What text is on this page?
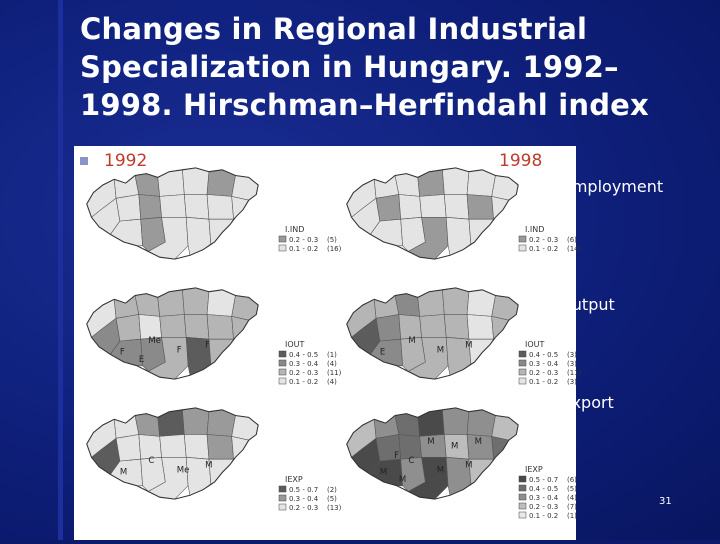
Changes in Regional Industrial Specialization in Hungary. 1992– 1998. Hirschman–Herfindahl index
I.IND
0.2 - 0.3 (5)
0.1 - 0.2 (16)
I.IND
0.2 - 0.3 (6)
0.1 - 0.2 (14)
Me
F	F
F
E
IOUT
0.4 - 0.5 (1)
0.3 - 0.4 (4)
0.2 - 0.3 (11)
0.1 - 0.2 (4)
M
M M
E
IOUT
0.4 - 0.5 (3)
0.3 - 0.4 (3)
0.2 - 0.3 (11)
0.1 - 0.2 (3)
C
Me M
M
IEXP
0.5 - 0.7 (2)
0.3 - 0.4 (5)
0.2 - 0.3 (13)
C
M M
M
M
M M M
F
IEXP
0.5 - 0.7 (6)
0.4 - 0.5 (5)
0.3 - 0.4 (4)
0.2 - 0.3 (7)
0.1 - 0.2 (1)
1992	1998
employment
output
export
31
